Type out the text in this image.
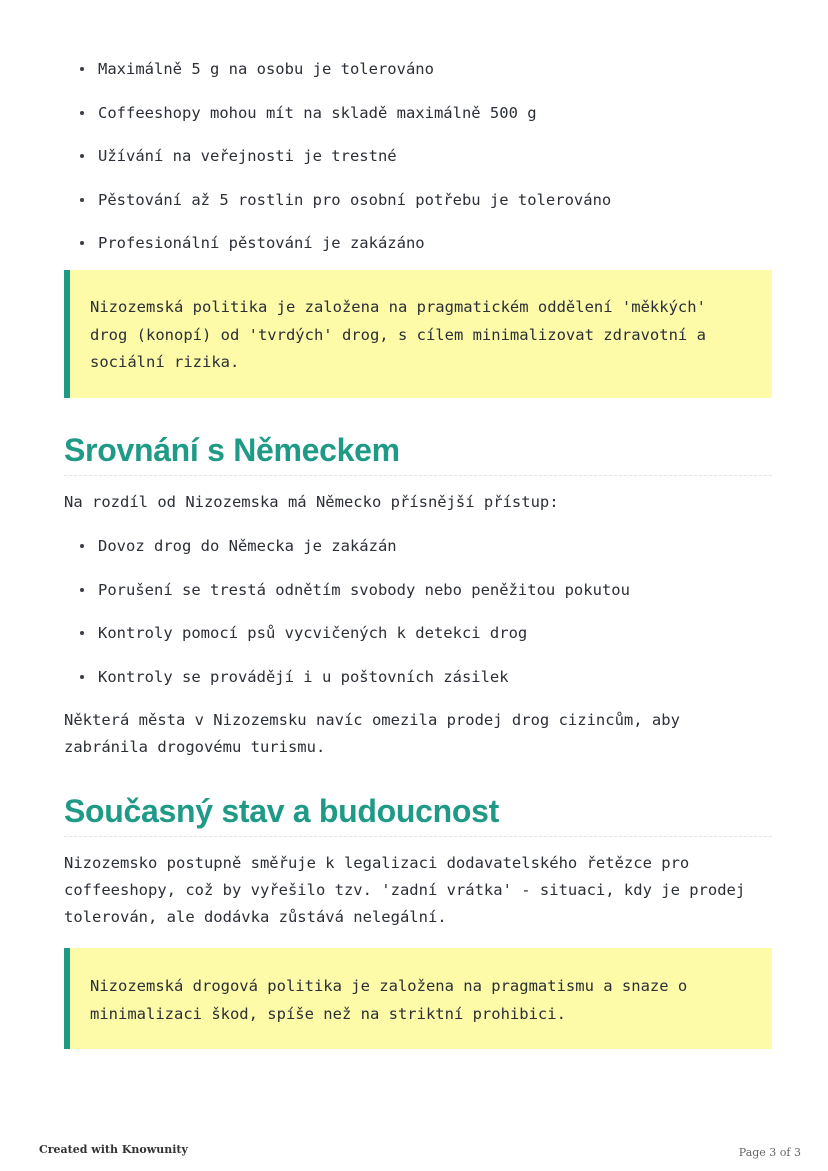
Maximálně 5 g na osobu je tolerováno
Coffeeshopy mohou mít na skladě maximálně 500 g
Užívání na veřejnosti je trestné
Pěstování až 5 rostlin pro osobní potřebu je tolerováno
Profesionální pěstování je zakázáno
Nizozemská politika je založena na pragmatickém oddělení 'měkkých' drog (konopí) od 'tvrdých' drog, s cílem minimalizovat zdravotní a sociální rizika.
Srovnání s Německem

Na rozdíl od Nizozemska má Německo přísnější přístup:

Dovoz drog do Německa je zakázán
Porušení se trestá odnětím svobody nebo peněžitou pokutou
Kontroly pomocí psů vycvičených k detekci drog
Kontroly se provádějí i u poštovních zásilek

Některá města v Nizozemsku navíc omezila prodej drog cizincům, aby zabránila drogovému turismu.

Současný stav a budoucnost

Nizozemsko postupně směřuje k legalizaci dodavatelského řetězce pro coffeeshopy, což by vyřešilo tzv. 'zadní vrátka' - situaci, kdy je prodej tolerován, ale dodávka zůstává nelegální.

Nizozemská drogová politika je založena na pragmatismu a snaze o minimalizaci škod, spíše než na striktní prohibici.
Created with Knowunity	Page 3 of 3
